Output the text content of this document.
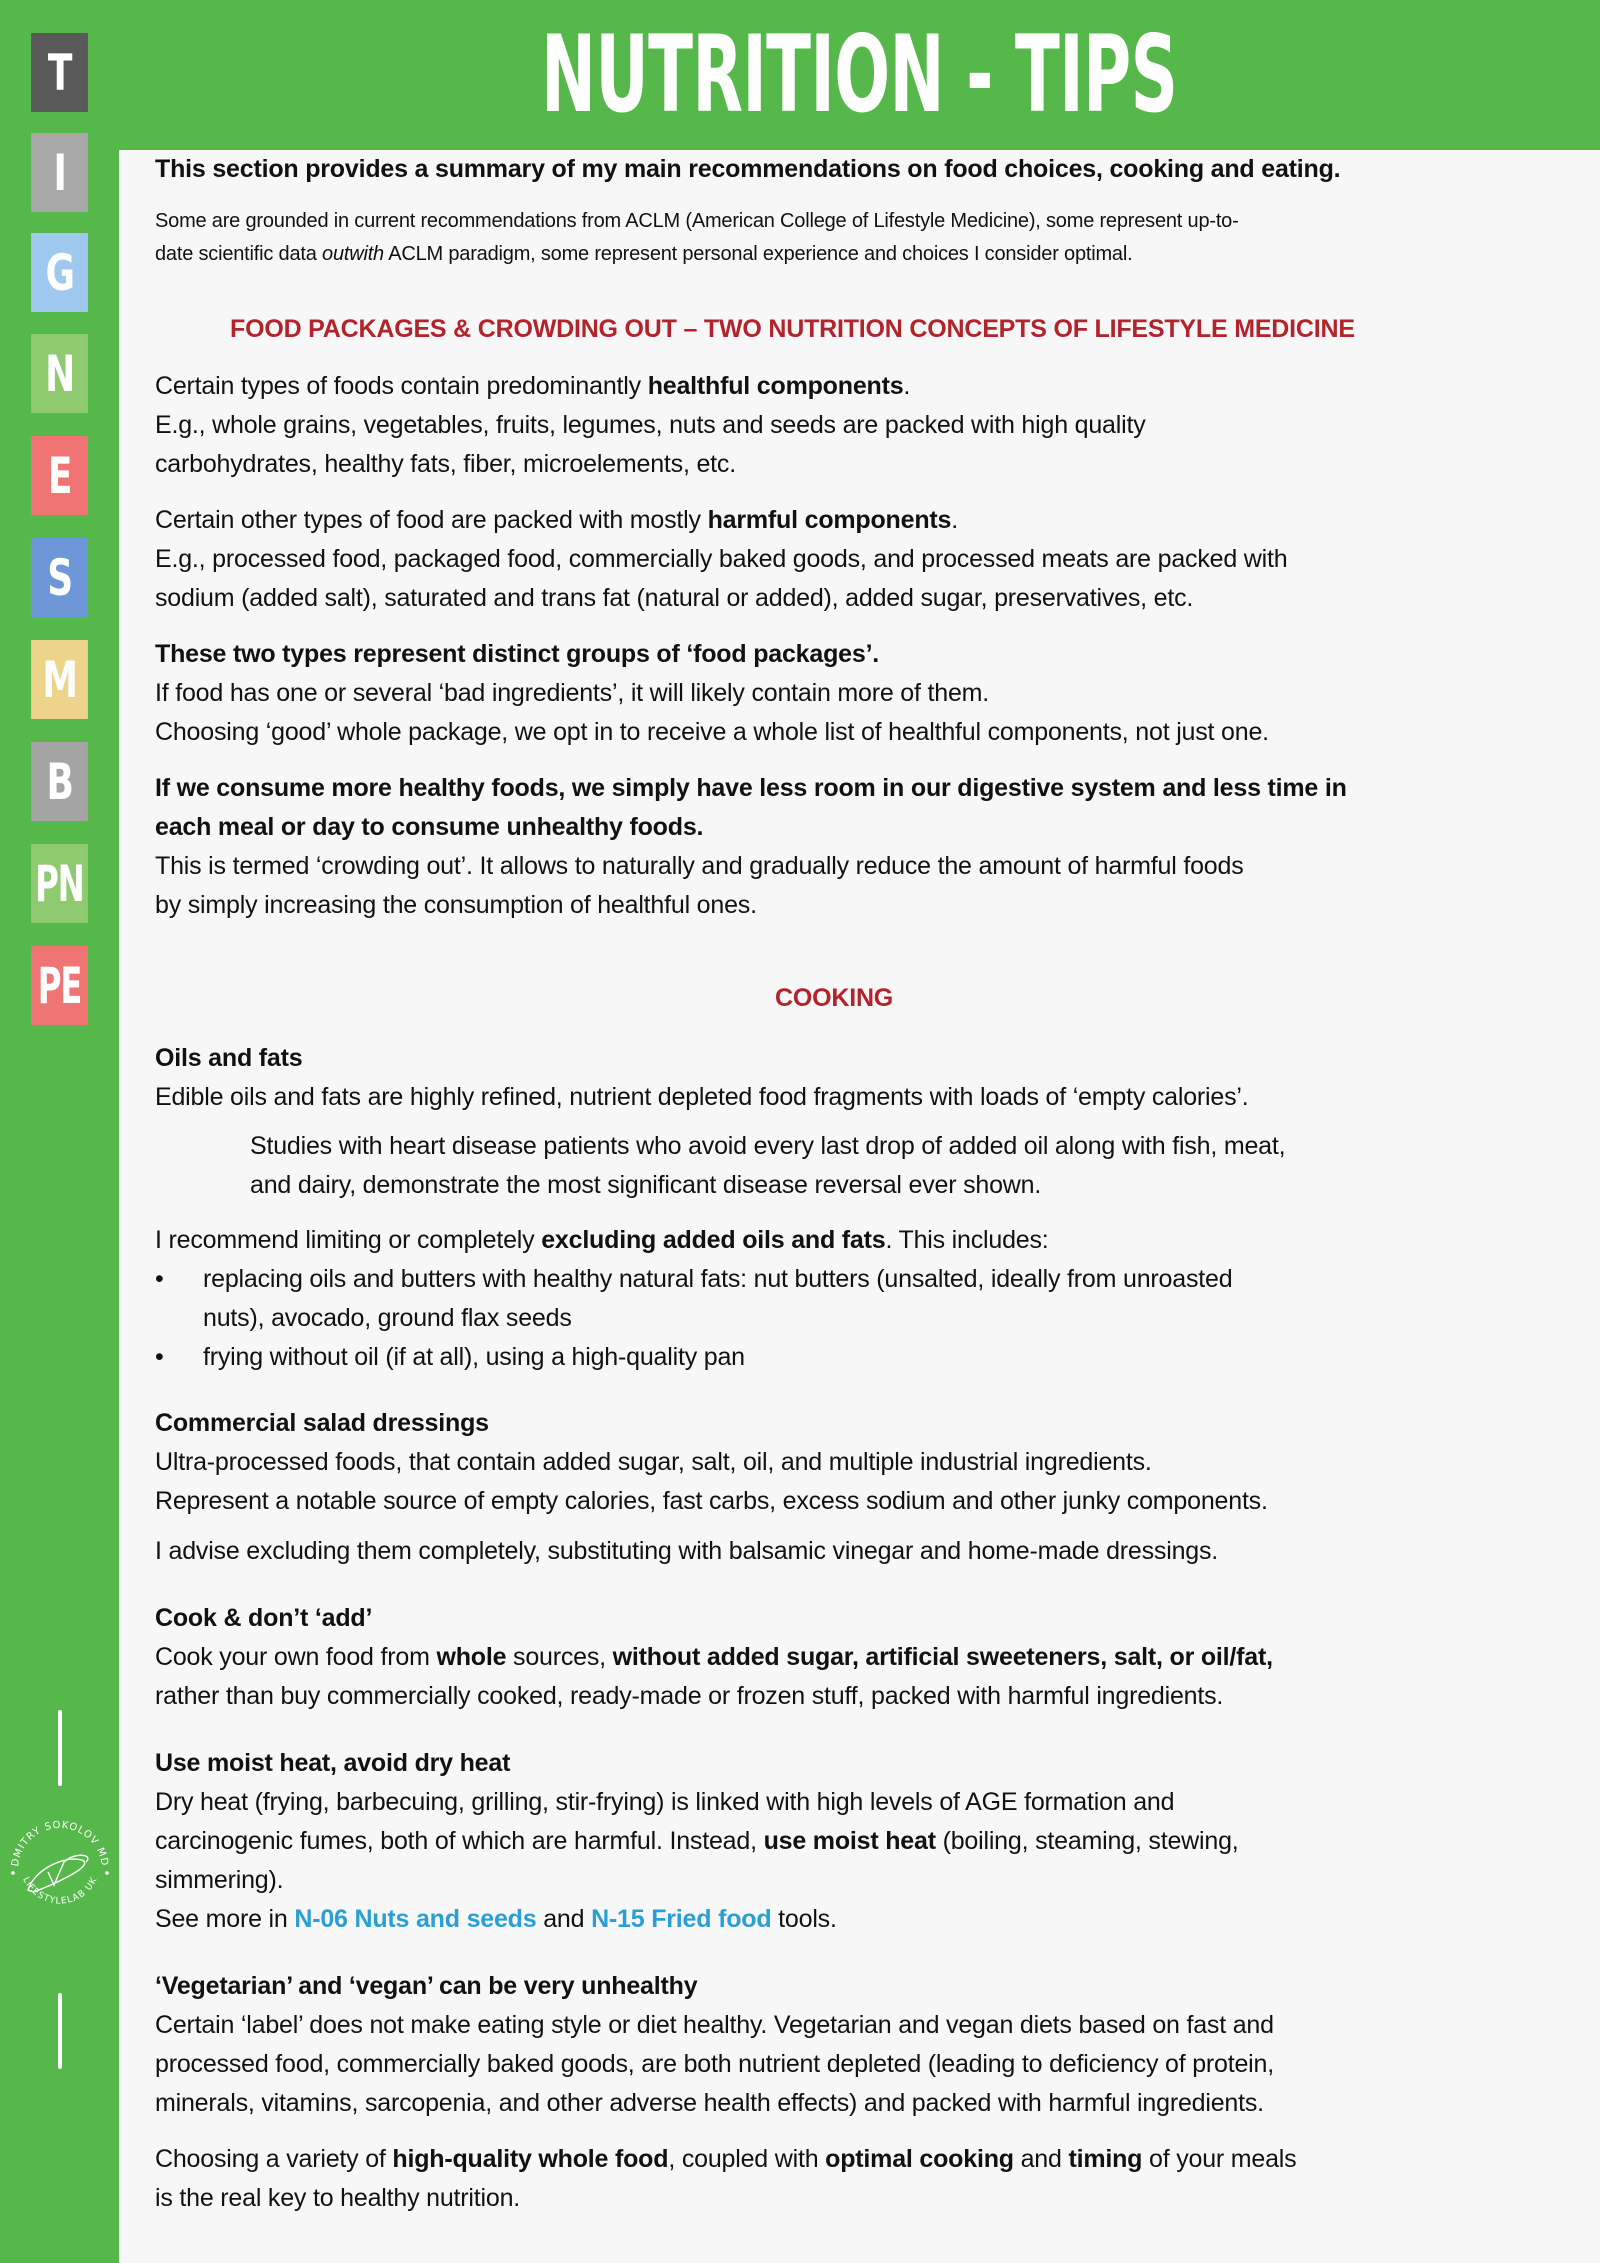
T
I
G
N
E
S
M
B
PN
PE
DMITRY SOKOLOV MD
LIFESTYLELAB UK
NUTRITION - TIPS
This section provides a summary of my main recommendations on food choices, cooking and eating.
Some are grounded in current recommendations from ACLM (American College of Lifestyle Medicine), some represent up-to-
date scientific data outwith ACLM paradigm, some represent personal experience and choices I consider optimal.
FOOD PACKAGES & CROWDING OUT – TWO NUTRITION CONCEPTS OF LIFESTYLE MEDICINE
Certain types of foods contain predominantly healthful components.
E.g., whole grains, vegetables, fruits, legumes, nuts and seeds are packed with high quality
carbohydrates, healthy fats, fiber, microelements, etc.
Certain other types of food are packed with mostly harmful components.
E.g., processed food, packaged food, commercially baked goods, and processed meats are packed with
sodium (added salt), saturated and trans fat (natural or added), added sugar, preservatives, etc.
These two types represent distinct groups of ‘food packages’.
If food has one or several ‘bad ingredients’, it will likely contain more of them.
Choosing ‘good’ whole package, we opt in to receive a whole list of healthful components, not just one.
If we consume more healthy foods, we simply have less room in our digestive system and less time in
each meal or day to consume unhealthy foods.
This is termed ‘crowding out’. It allows to naturally and gradually reduce the amount of harmful foods
by simply increasing the consumption of healthful ones.
COOKING
Oils and fats
Edible oils and fats are highly refined, nutrient depleted food fragments with loads of ‘empty calories’.
Studies with heart disease patients who avoid every last drop of added oil along with fish, meat,
and dairy, demonstrate the most significant disease reversal ever shown.
I recommend limiting or completely excluding added oils and fats. This includes:
• replacing oils and butters with healthy natural fats: nut butters (unsalted, ideally from unroasted
nuts), avocado, ground flax seeds
• frying without oil (if at all), using a high-quality pan
Commercial salad dressings
Ultra-processed foods, that contain added sugar, salt, oil, and multiple industrial ingredients.
Represent a notable source of empty calories, fast carbs, excess sodium and other junky components.
I advise excluding them completely, substituting with balsamic vinegar and home-made dressings.
Cook & don’t ‘add’
Cook your own food from whole sources, without added sugar, artificial sweeteners, salt, or oil/fat,
rather than buy commercially cooked, ready-made or frozen stuff, packed with harmful ingredients.
Use moist heat, avoid dry heat
Dry heat (frying, barbecuing, grilling, stir-frying) is linked with high levels of AGE formation and
carcinogenic fumes, both of which are harmful. Instead, use moist heat (boiling, steaming, stewing,
simmering).
See more in N-06 Nuts and seeds and N-15 Fried food tools.
‘Vegetarian’ and ‘vegan’ can be very unhealthy
Certain ‘label’ does not make eating style or diet healthy. Vegetarian and vegan diets based on fast and
processed food, commercially baked goods, are both nutrient depleted (leading to deficiency of protein,
minerals, vitamins, sarcopenia, and other adverse health effects) and packed with harmful ingredients.
Choosing a variety of high-quality whole food, coupled with optimal cooking and timing of your meals
is the real key to healthy nutrition.
